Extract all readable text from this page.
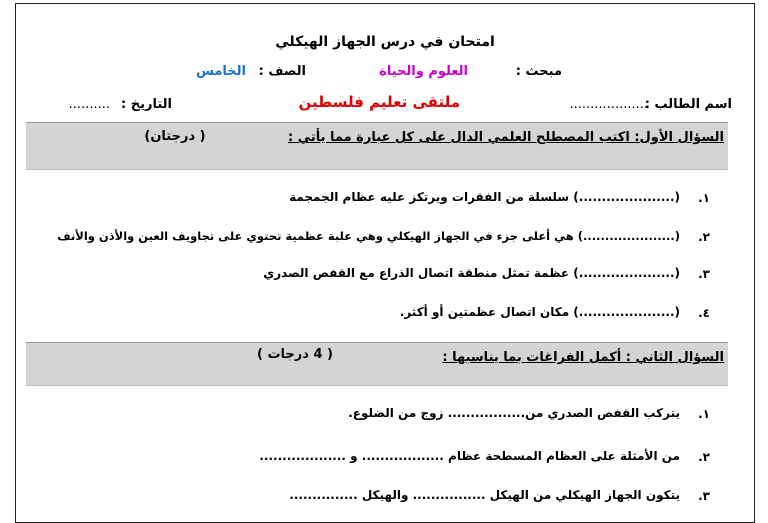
امتحان في درس الجهاز الهيكلي
مبحث :
العلوم والحياة
الصف :
الخامس
اسم الطالب :
...................
ملتقى تعليم فلسطين
التاريخ :
..........
السؤال الأول: اكتب المصطلح العلمي الدال على كل عبارة مما يأتي :
( درجتان)
.١
(.....................) سلسلة من الفقرات ويرتكز عليه عظام الجمجمة
.٢
(.....................) هي أعلى جزء في الجهاز الهيكلي وهي علبة عظمية تحتوي على تجاويف العين والأذن والأنف
.٣
(.....................) عظمة تمثل منطقة اتصال الذراع مع القفص الصدري
.٤
(.....................) مكان اتصال عظمتين أو أكثر.
السؤال الثاني : أكمل الفراغات بما يناسبها :
( 4 درجات )
.١
يتركب القفص الصدري من................. زوج من الضلوع.
.٢
من الأمثلة على العظام المسطحة عظام .................. و ...................
.٣
يتكون الجهاز الهيكلي من الهيكل ................ والهيكل ...............
